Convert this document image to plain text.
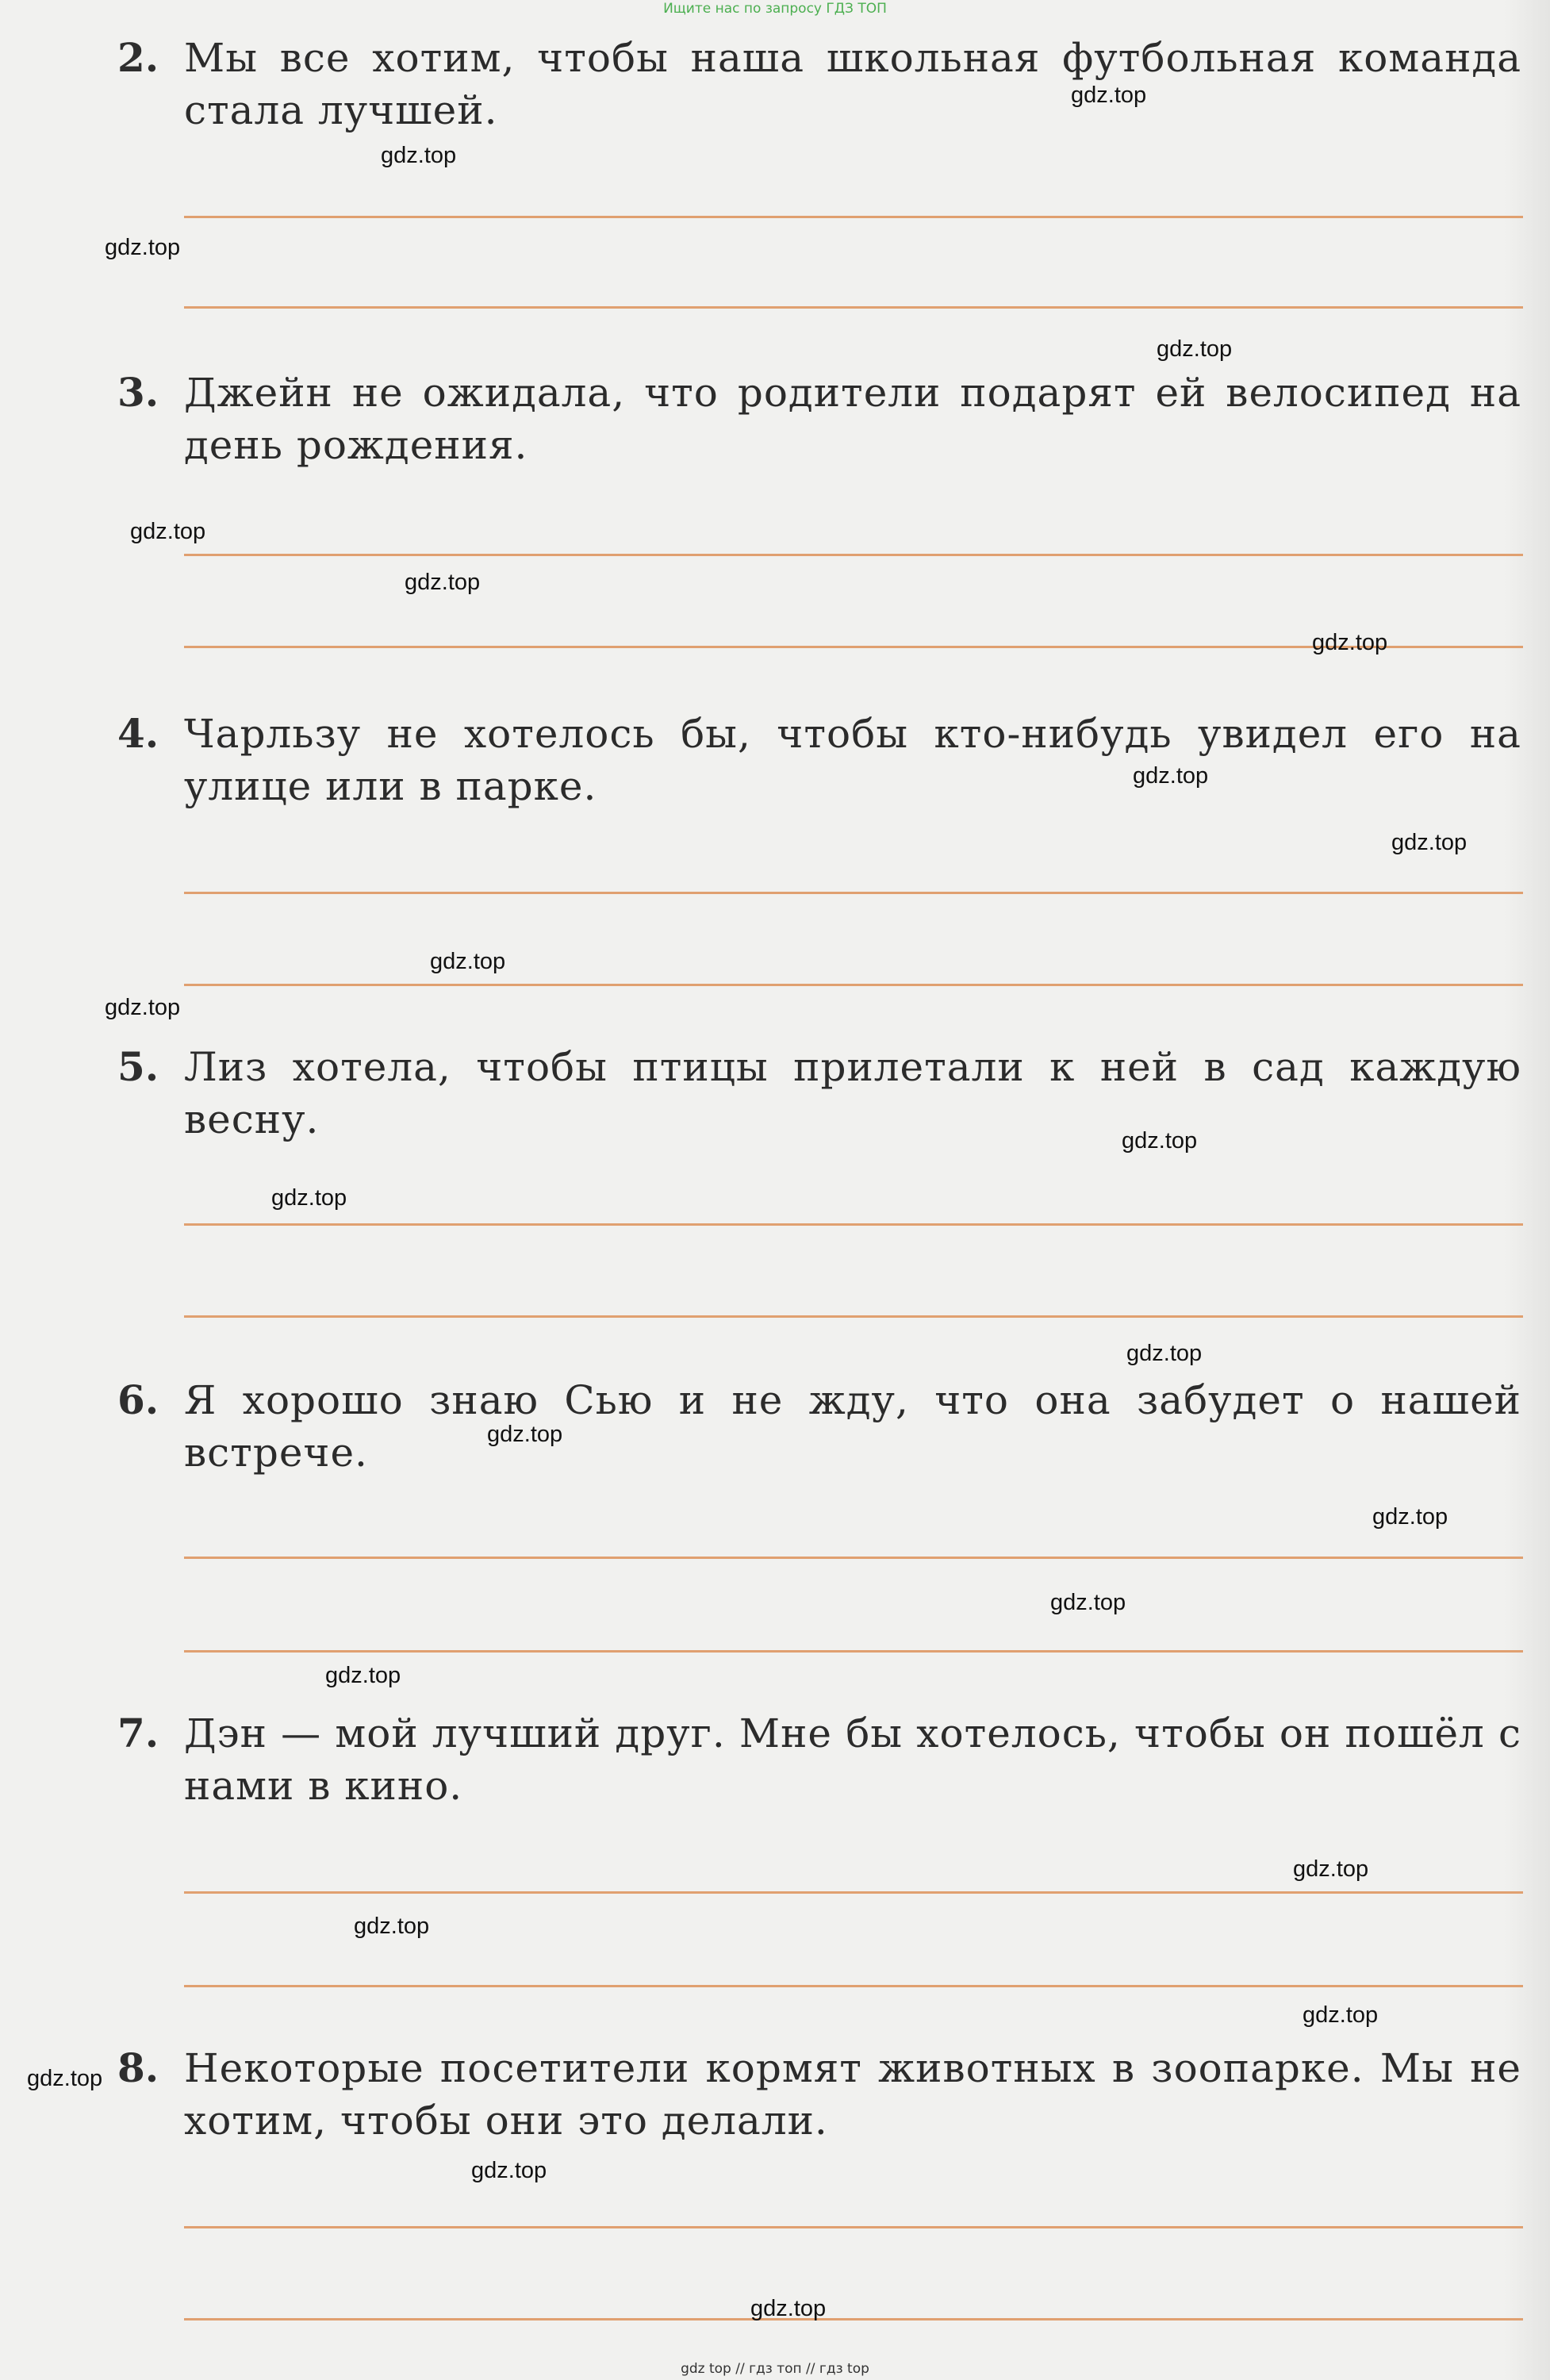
Ищите нас по запросу ГДЗ ТОП
2. Мы все хотим, чтобы наша школьная футбольная команда стала лучшей.
3. Джейн не ожидала, что родители подарят ей велосипед на день рождения.
4. Чарльзу не хотелось бы, чтобы кто-нибудь увидел его на улице или в парке.
5. Лиз хотела, чтобы птицы прилетали к ней в сад каждую весну.
6. Я хорошо знаю Сью и не жду, что она забудет о нашей встрече.
7. Дэн — мой лучший друг. Мне бы хотелось, чтобы он пошёл с нами в кино.
8. Некоторые посетители кормят животных в зоопарке. Мы не хотим, чтобы они это делали.
gdz.top
gdz.top
gdz.top
gdz.top
gdz.top
gdz.top
gdz.top
gdz.top
gdz.top
gdz.top
gdz.top
gdz.top
gdz.top
gdz.top
gdz.top
gdz.top
gdz.top
gdz.top
gdz.top
gdz.top
gdz.top
gdz.top
gdz.top
gdz.top
gdz top // гдз топ // гдз top
